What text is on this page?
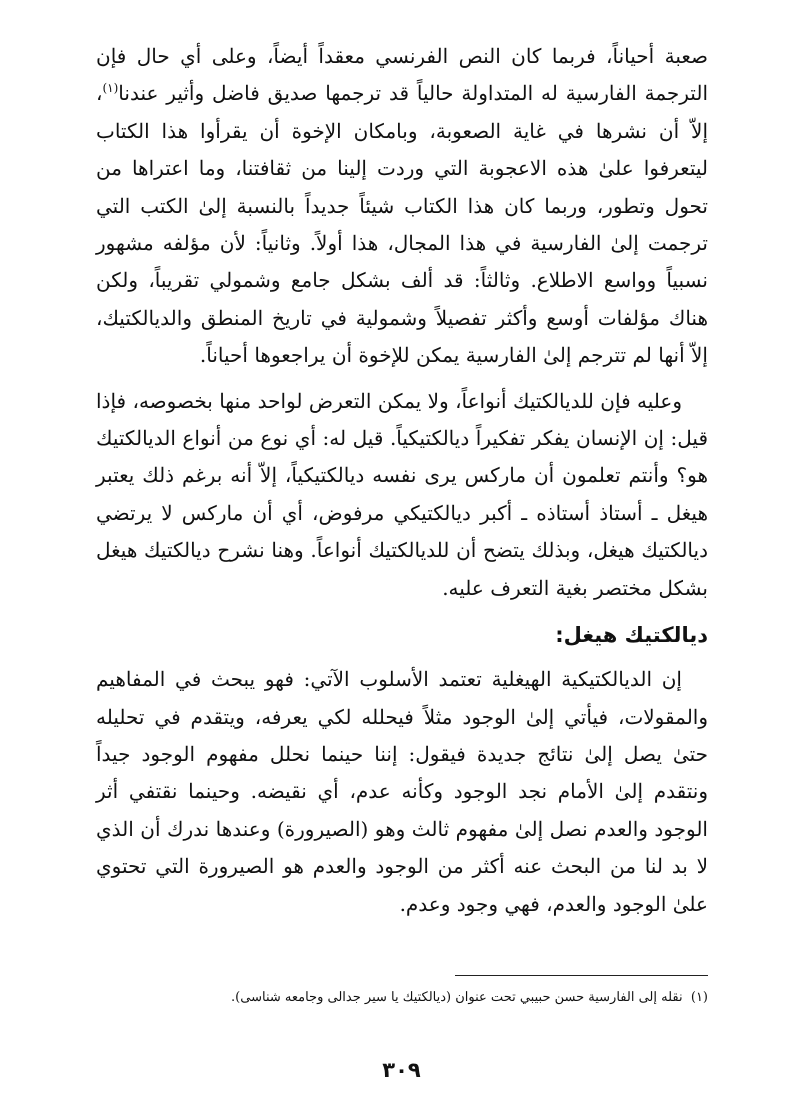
صعبة أحياناً، فربما كان النص الفرنسي معقداً أيضاً، وعلى أي حال فإن الترجمة الفارسية له المتداولة حالياً قد ترجمها صديق فاضل وأثير عندنا$^{(١)}$، إلاّ أن نشرها في غاية الصعوبة، وبامكان الإخوة أن يقرأوا هذا الكتاب ليتعرفوا علىٰ هذه الاعجوبة التي وردت إلينا من ثقافتنا، وما اعتراها من تحول وتطور، وربما كان هذا الكتاب شيئاً جديداً بالنسبة إلىٰ الكتب التي ترجمت إلىٰ الفارسية في هذا المجال، هذا أولاً. وثانياً: لأن مؤلفه مشهور نسبياً وواسع الاطلاع. وثالثاً: قد ألف بشكل جامع وشمولي تقريباً، ولكن هناك مؤلفات أوسع وأكثر تفصيلاً وشمولية في تاريخ المنطق والديالكتيك، إلاّ أنها لم تترجم إلىٰ الفارسية يمكن للإخوة أن يراجعوها أحياناً.

وعليه فإن للديالكتيك أنواعاً، ولا يمكن التعرض لواحد منها بخصوصه، فإذا قيل: إن الإنسان يفكر تفكيراً ديالكتيكياً. قيل له: أي نوع من أنواع الديالكتيك هو؟ وأنتم تعلمون أن ماركس يرى نفسه ديالكتيكياً، إلاّ أنه برغم ذلك يعتبر هيغل ـ أستاذ أستاذه ـ أكبر ديالكتيكي مرفوض، أي أن ماركس لا يرتضي ديالكتيك هيغل، وبذلك يتضح أن للديالكتيك أنواعاً. وهنا نشرح ديالكتيك هيغل بشكل مختصر بغية التعرف عليه.

ديالكتيك هيغل:

إن الديالكتيكية الهيغلية تعتمد الأسلوب الآتي: فهو يبحث في المفاهيم والمقولات، فيأتي إلىٰ الوجود مثلاً فيحلله لكي يعرفه، ويتقدم في تحليله حتىٰ يصل إلىٰ نتائج جديدة فيقول: إننا حينما نحلل مفهوم الوجود جيداً ونتقدم إلىٰ الأمام نجد الوجود وكأنه عدم، أي نقيضه. وحينما نقتفي أثر الوجود والعدم نصل إلىٰ مفهوم ثالث وهو (الصيرورة) وعندها ندرك أن الذي لا بد لنا من البحث عنه أكثر من الوجود والعدم هو الصيرورة التي تحتوي علىٰ الوجود والعدم، فهي وجود وعدم.

(١)  نقله إلى الفارسية حسن حبيبي تحت عنوان (ديالكتيك يا سير جدالى وجامعه شناسى).
٣٠٩
